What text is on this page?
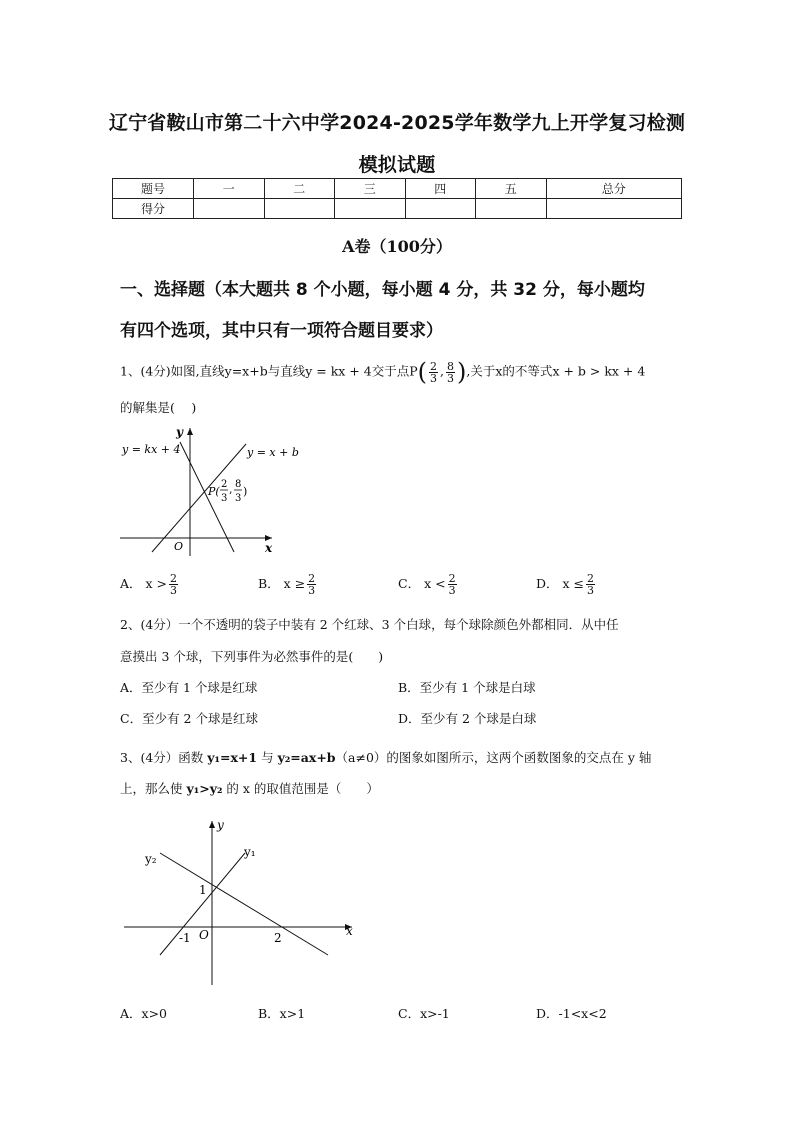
辽宁省鞍山市第二十六中学2024-2025学年数学九上开学复习检测
模拟试题
题号	一	二	三	四	五	总分
得分						
A卷（100分）
一、选择题（本大题共 8 个小题，每小题 4 分，共 32 分，每小题均
有四个选项，其中只有一项符合题目要求）
1、(4分)如图,直线y=x+b与直线y = kx + 4交于点$P( \frac{2}{3}$ , $\frac{8}{3}$ ),关于x的不等式x + b > kx + 4
的解集是(　 )
y = kx + 4	y = x + b
y
x
O
P(
2
3
, 8
3
)
A． $x > \frac{2}{3}$	B． $x \ge \frac{2}{3}$	C． $x < \frac{2}{3}$	D． $x \le \frac{2}{3}$
2、(4分）一个不透明的袋子中装有 2 个红球、3 个白球，每个球除颜色外都相同．从中任
意摸出 3 个球，下列事件为必然事件的是(　　)
A．至少有 1 个球是红球	B．至少有 1 个球是白球
C．至少有 2 个球是红球	D．至少有 2 个球是白球
3、(4分）函数 y₁=x+1 与 y₂=ax+b（a≠0）的图象如图所示，这两个函数图象的交点在 y 轴
上，那么使 y₁>y₂ 的 x 的取值范围是（　　）
y
x
O
y₁
y₂
1
-1	2
A．x>0	B．x>1	C．x>-1	D．-1<x<2
